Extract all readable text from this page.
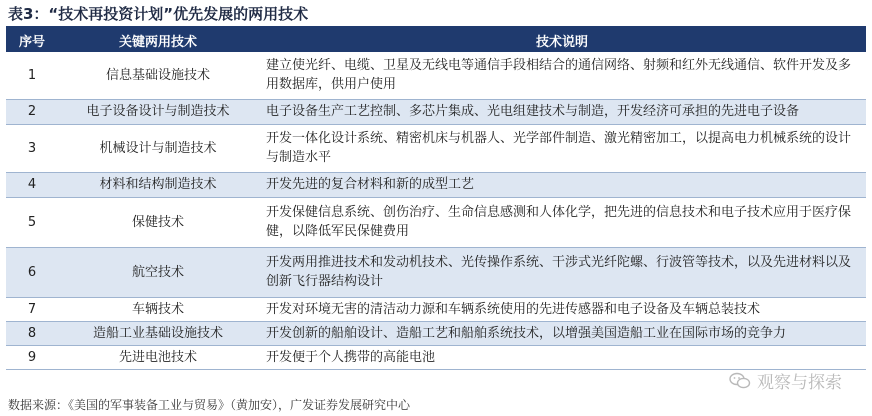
表3：“技术再投资计划”优先发展的两用技术
序号	关键两用技术	技术说明
1	信息基础设施技术	建立使光纤、电缆、卫星及无线电等通信手段相结合的通信网络、射频和红外无线通信、软件开发及多用数据库，供用户使用
2	电子设备设计与制造技术	电子设备生产工艺控制、多芯片集成、光电组建技术与制造，开发经济可承担的先进电子设备
3	机械设计与制造技术	开发一体化设计系统、精密机床与机器人、光学部件制造、激光精密加工，以提高电力机械系统的设计与制造水平
4	材料和结构制造技术	开发先进的复合材料和新的成型工艺
5	保健技术	开发保健信息系统、创伤治疗、生命信息感测和人体化学，把先进的信息技术和电子技术应用于医疗保健，以降低军民保健费用
6	航空技术	开发两用推进技术和发动机技术、光传操作系统、干涉式光纤陀螺、行波管等技术，以及先进材料以及创新飞行器结构设计
7	车辆技术	开发对环境无害的清洁动力源和车辆系统使用的先进传感器和电子设备及车辆总装技术
8	造船工业基础设施技术	开发创新的船舶设计、造船工艺和船舶系统技术，以增强美国造船工业在国际市场的竞争力
9	先进电池技术	开发便于个人携带的高能电池
观察与探索
数据来源：《美国的军事装备工业与贸易》（黄加安），广发证券发展研究中心
